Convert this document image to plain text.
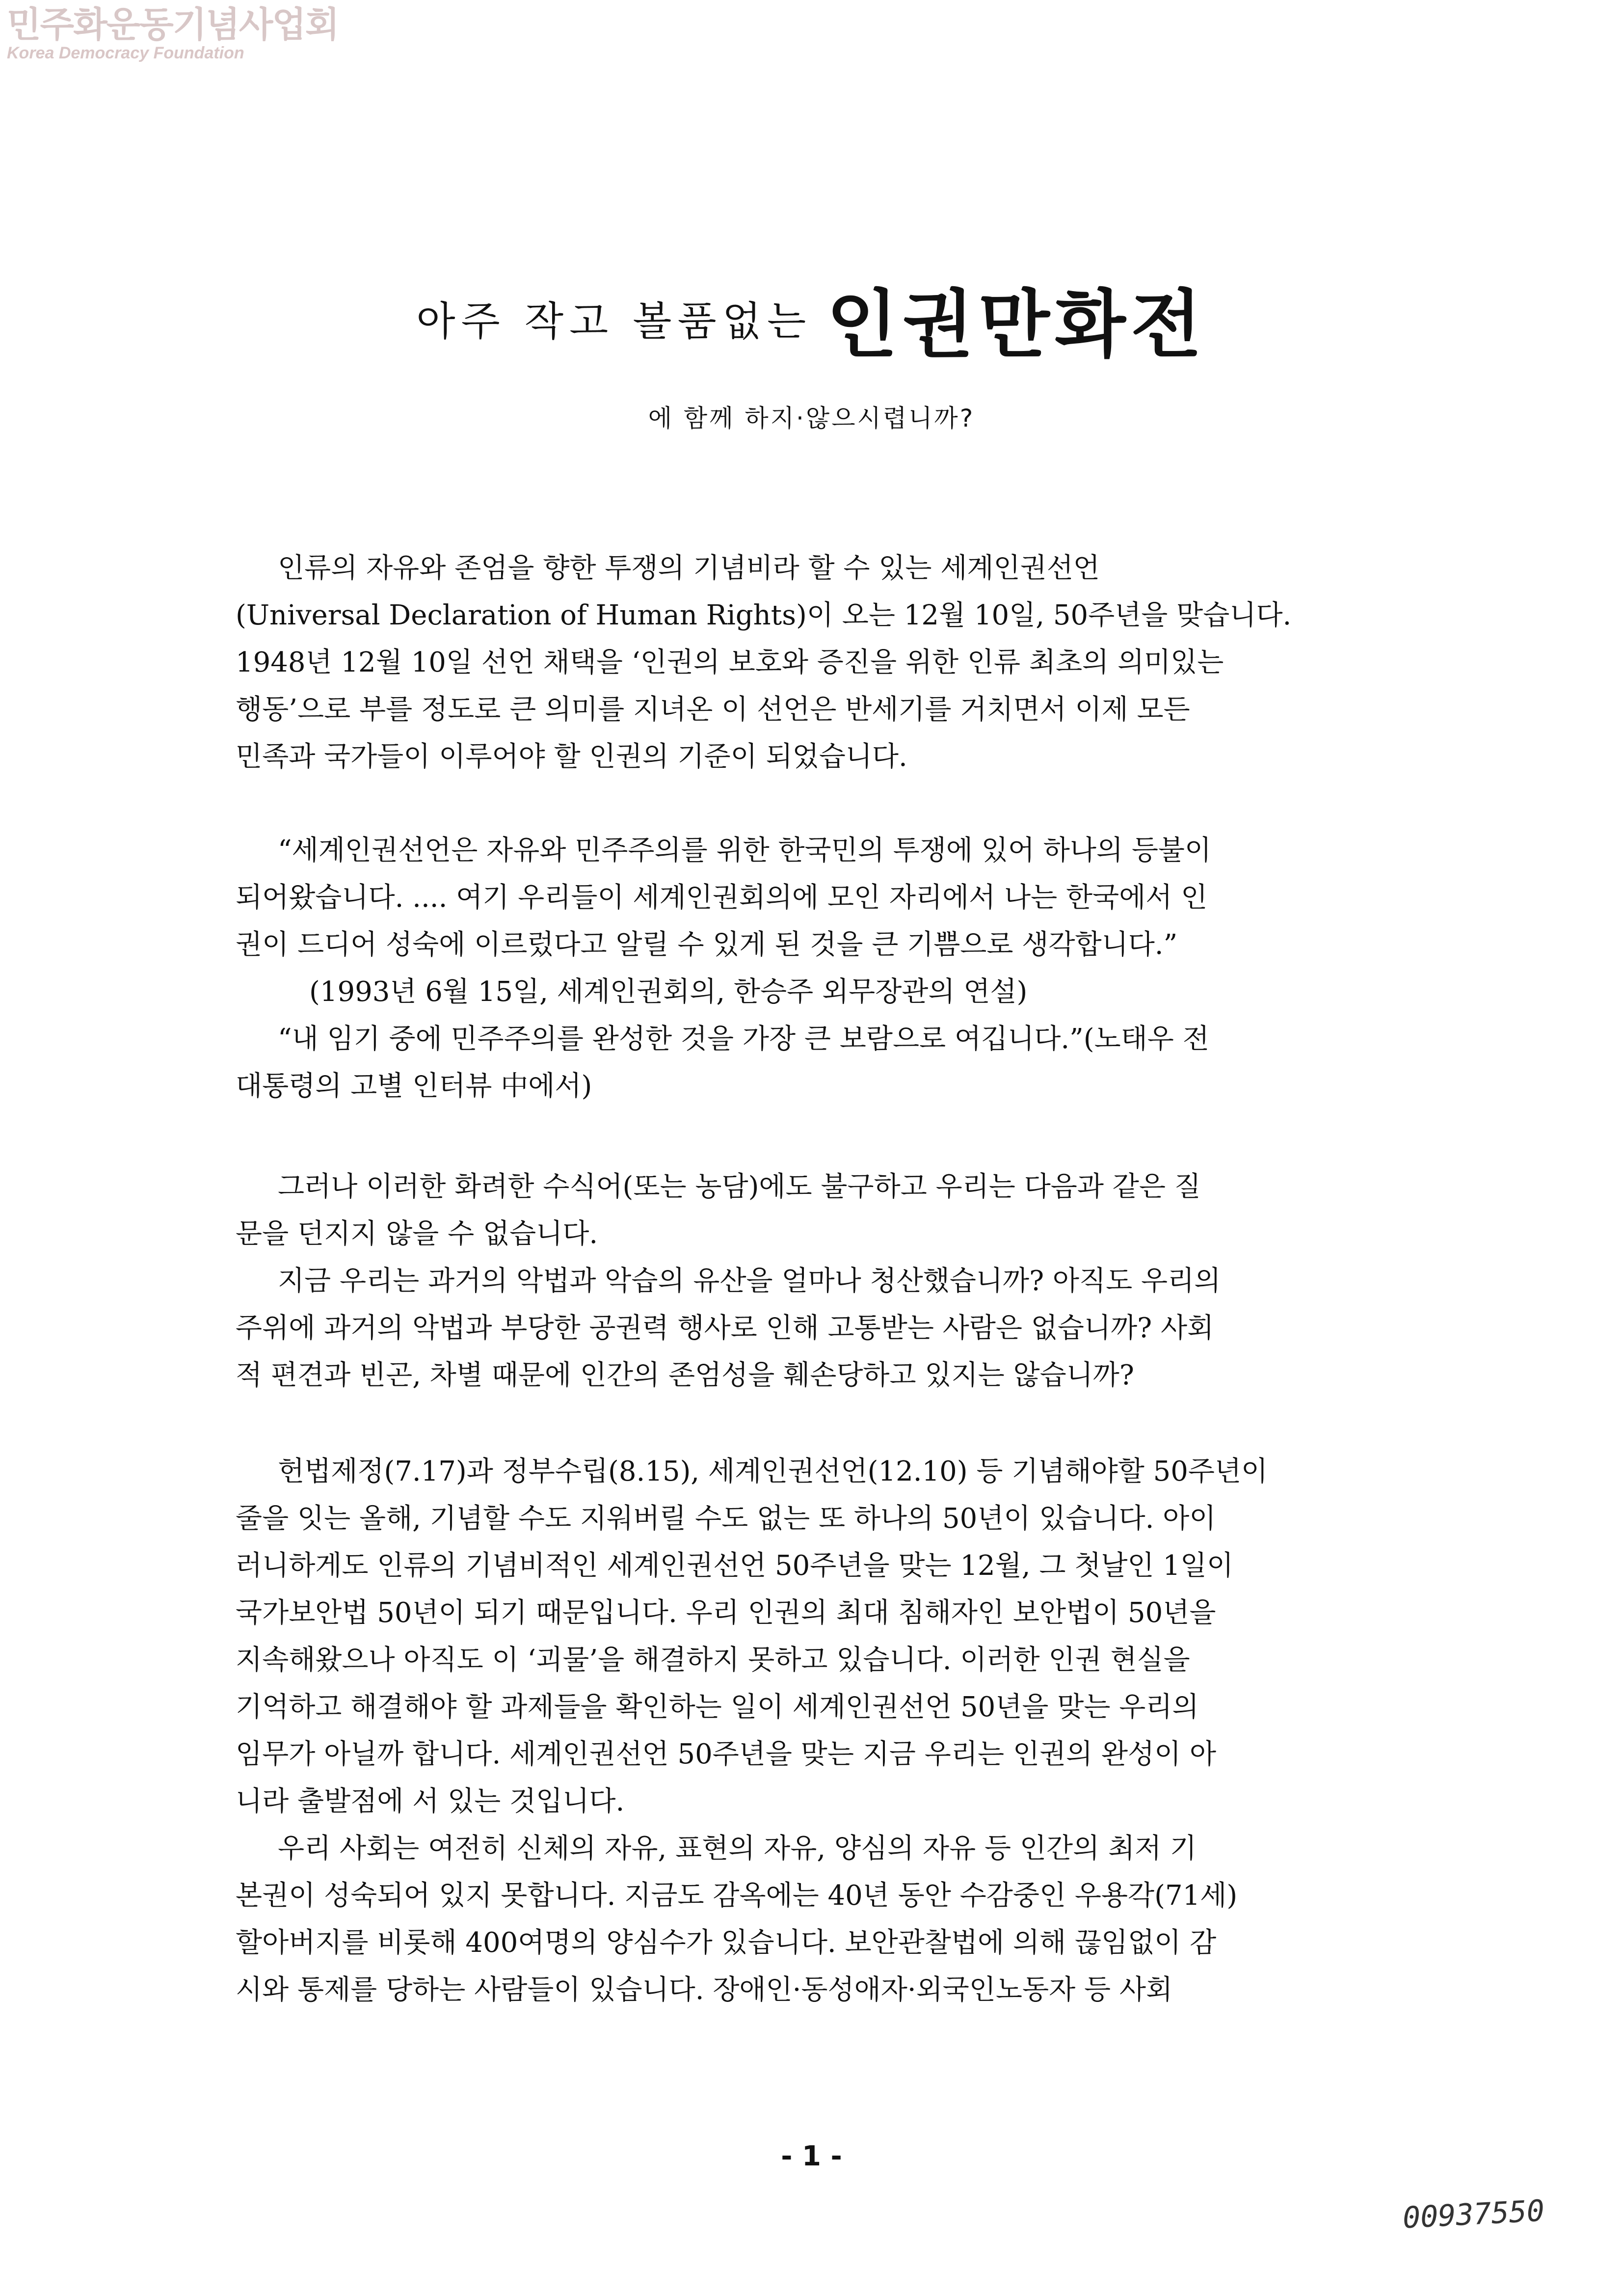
민주화운동기념사업회
Korea Democracy Foundation
아주 작고 볼품없는 인권만화전
에 함께 하지·않으시렵니까?
인류의 자유와 존엄을 향한 투쟁의 기념비라 할 수 있는 세계인권선언
(Universal Declaration of Human Rights)이 오는 12월 10일, 50주년을 맞습니다.
1948년 12월 10일 선언 채택을 ‘인권의 보호와 증진을 위한 인류 최초의 의미있는
행동’으로 부를 정도로 큰 의미를 지녀온 이 선언은 반세기를 거치면서 이제 모든
민족과 국가들이 이루어야 할 인권의 기준이 되었습니다.
“세계인권선언은 자유와 민주주의를 위한 한국민의 투쟁에 있어 하나의 등불이
되어왔습니다. .... 여기 우리들이 세계인권회의에 모인 자리에서 나는 한국에서 인
권이 드디어 성숙에 이르렀다고 알릴 수 있게 된 것을 큰 기쁨으로 생각합니다.”
(1993년 6월 15일, 세계인권회의, 한승주 외무장관의 연설)
“내 임기 중에 민주주의를 완성한 것을 가장 큰 보람으로 여깁니다.”(노태우 전
대통령의 고별 인터뷰 中에서)
그러나 이러한 화려한 수식어(또는 농담)에도 불구하고 우리는 다음과 같은 질
문을 던지지 않을 수 없습니다.
지금 우리는 과거의 악법과 악습의 유산을 얼마나 청산했습니까? 아직도 우리의
주위에 과거의 악법과 부당한 공권력 행사로 인해 고통받는 사람은 없습니까? 사회
적 편견과 빈곤, 차별 때문에 인간의 존엄성을 훼손당하고 있지는 않습니까?
헌법제정(7.17)과 정부수립(8.15), 세계인권선언(12.10) 등 기념해야할 50주년이
줄을 잇는 올해, 기념할 수도 지워버릴 수도 없는 또 하나의 50년이 있습니다. 아이
러니하게도 인류의 기념비적인 세계인권선언 50주년을 맞는 12월, 그 첫날인 1일이
국가보안법 50년이 되기 때문입니다. 우리 인권의 최대 침해자인 보안법이 50년을
지속해왔으나 아직도 이 ‘괴물’을 해결하지 못하고 있습니다. 이러한 인권 현실을
기억하고 해결해야 할 과제들을 확인하는 일이 세계인권선언 50년을 맞는 우리의
임무가 아닐까 합니다. 세계인권선언 50주년을 맞는 지금 우리는 인권의 완성이 아
니라 출발점에 서 있는 것입니다.
우리 사회는 여전히 신체의 자유, 표현의 자유, 양심의 자유 등 인간의 최저 기
본권이 성숙되어 있지 못합니다. 지금도 감옥에는 40년 동안 수감중인 우용각(71세)
할아버지를 비롯해 400여명의 양심수가 있습니다. 보안관찰법에 의해 끊임없이 감
시와 통제를 당하는 사람들이 있습니다. 장애인·동성애자·외국인노동자 등 사회
- 1 -
00937550
